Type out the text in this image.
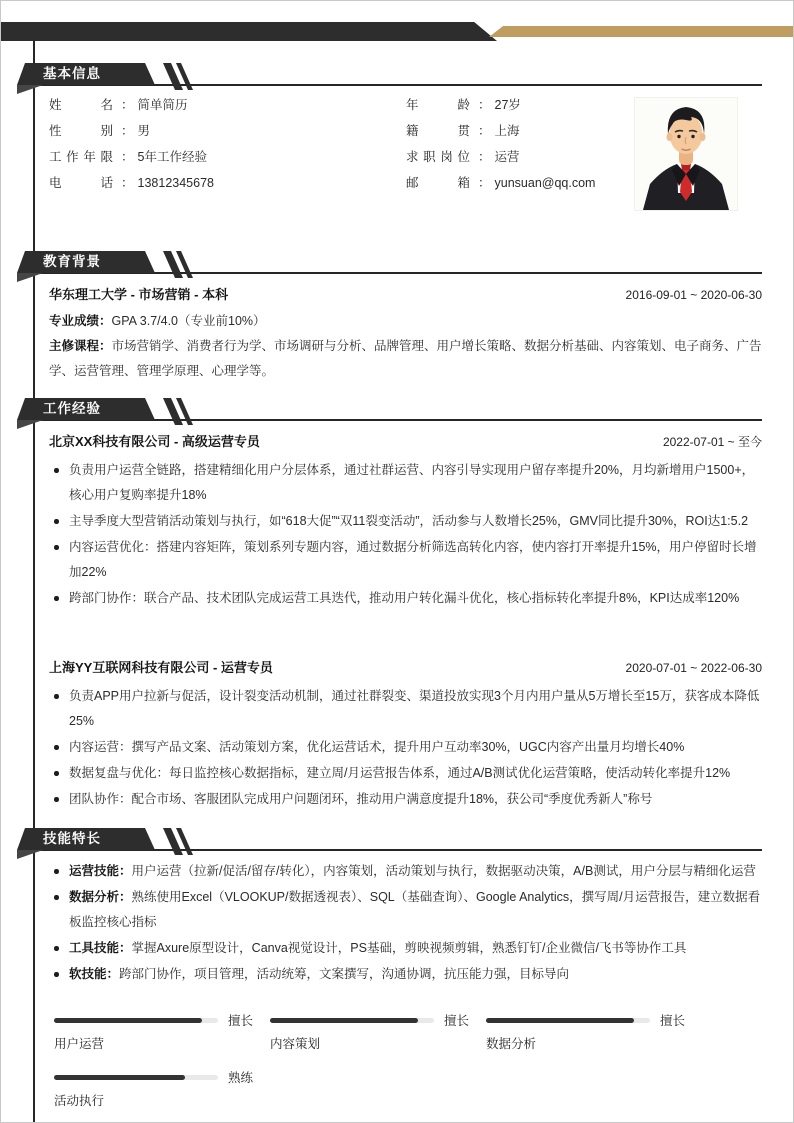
基本信息
姓名 ： 简单简历
性别 ： 男
工作年限 ： 5年工作经验
电话 ： 13812345678
年龄 ： 27岁
籍贯 ： 上海
求职岗位 ： 运营
邮箱 ： yunsuan@qq.com
教育背景
华东理工大学 - 市场营销 - 本科	2016-09-01 ~ 2020-06-30

专业成绩：GPA 3.7/4.0（专业前10%）

主修课程：市场营销学、消费者行为学、市场调研与分析、品牌管理、用户增长策略、数据分析基础、内容策划、电子商务、广告学、运营管理、管理学原理、心理学等。

工作经验
北京XX科技有限公司 - 高级运营专员	2022-07-01 ~ 至今
负责用户运营全链路，搭建精细化用户分层体系，通过社群运营、内容引导实现用户留存率提升20%，月均新增用户1500+，核心用户复购率提升18%
主导季度大型营销活动策划与执行，如“618大促”“双11裂变活动”，活动参与人数增长25%，GMV同比提升30%，ROI达1:5.2
内容运营优化：搭建内容矩阵，策划系列专题内容，通过数据分析筛选高转化内容，使内容打开率提升15%，用户停留时长增加22%
跨部门协作：联合产品、技术团队完成运营工具迭代，推动用户转化漏斗优化，核心指标转化率提升8%，KPI达成率120%
上海YY互联网科技有限公司 - 运营专员	2020-07-01 ~ 2022-06-30
负责APP用户拉新与促活，设计裂变活动机制，通过社群裂变、渠道投放实现3个月内用户量从5万增长至15万，获客成本降低25%
内容运营：撰写产品文案、活动策划方案，优化运营话术，提升用户互动率30%，UGC内容产出量月均增长40%
数据复盘与优化：每日监控核心数据指标，建立周/月运营报告体系，通过A/B测试优化运营策略，使活动转化率提升12%
团队协作：配合市场、客服团队完成用户问题闭环，推动用户满意度提升18%，获公司“季度优秀新人”称号
技能特长
运营技能：用户运营（拉新/促活/留存/转化），内容策划，活动策划与执行，数据驱动决策，A/B测试，用户分层与精细化运营
数据分析：熟练使用Excel（VLOOKUP/数据透视表）、SQL（基础查询）、Google Analytics，撰写周/月运营报告，建立数据看板监控核心指标
工具技能：掌握Axure原型设计，Canva视觉设计，PS基础，剪映视频剪辑，熟悉钉钉/企业微信/飞书等协作工具
软技能：跨部门协作，项目管理，活动统筹，文案撰写，沟通协调，抗压能力强，目标导向
擅长
用户运营
擅长
内容策划
擅长
数据分析
熟练
活动执行
